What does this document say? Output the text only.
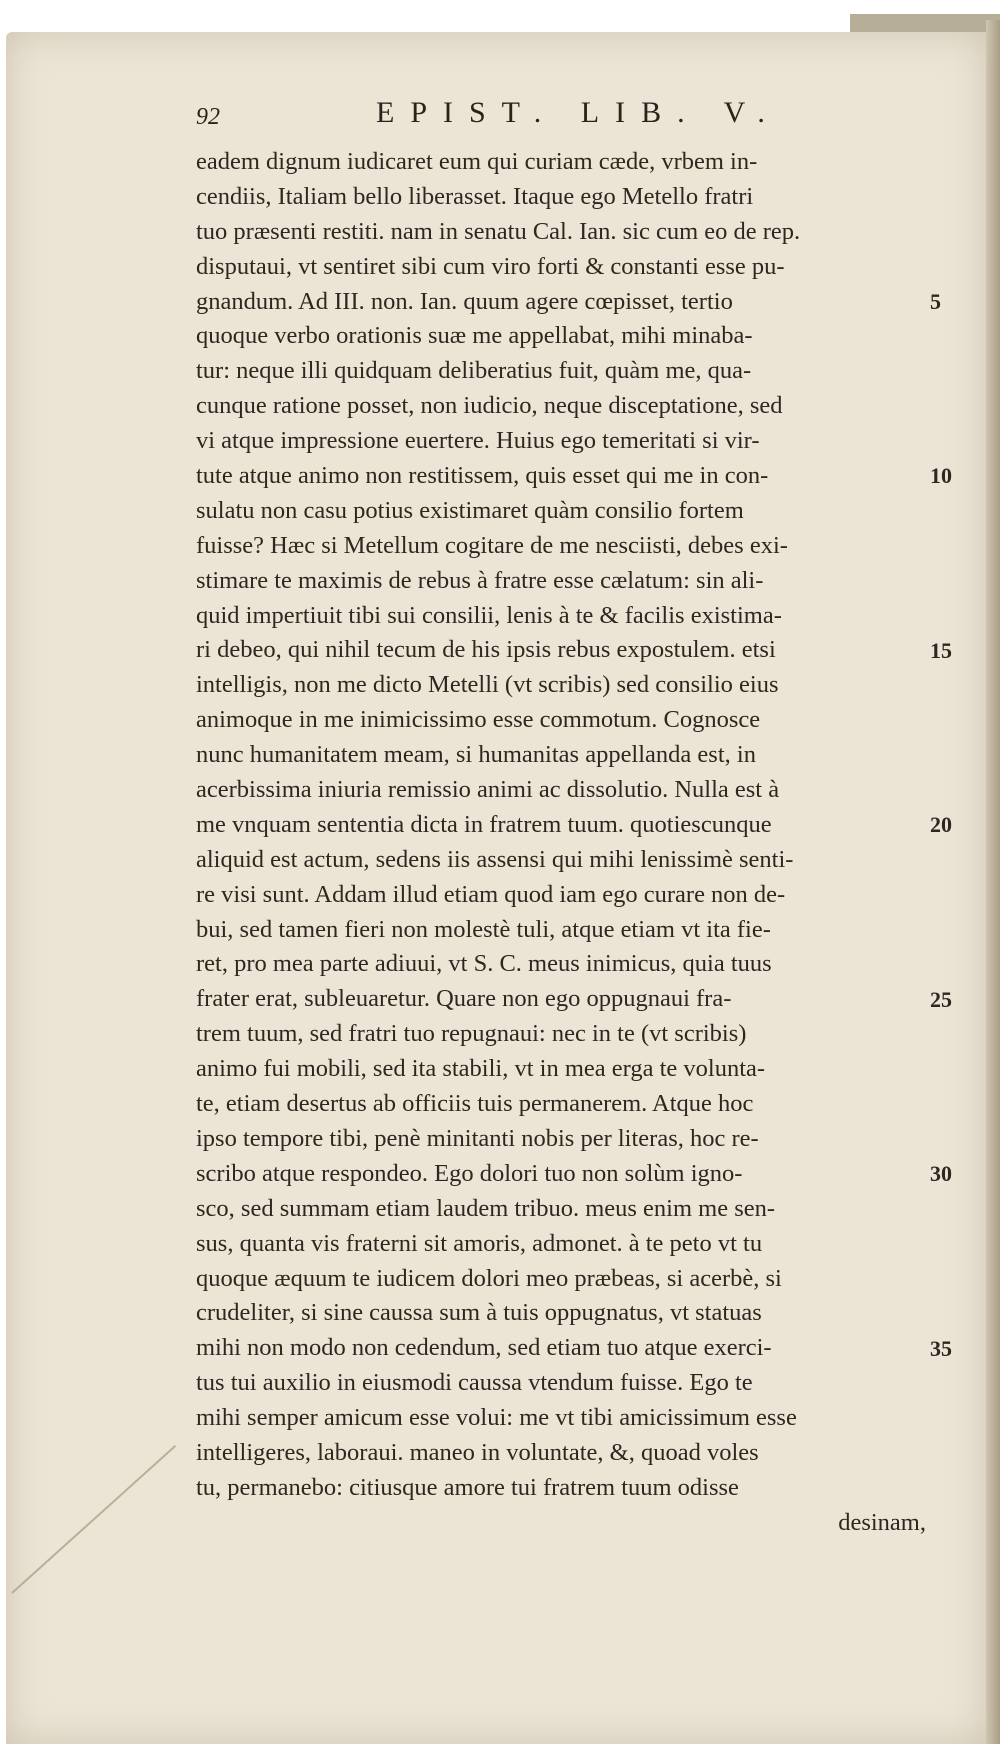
92	EPIST. LIB. V.
eadem dignum iudicaret eum qui curiam cæde, vrbem in-
cendiis, Italiam bello liberasset. Itaque ego Metello fratri
tuo præsenti restiti. nam in senatu Cal. Ian. sic cum eo de rep.
disputaui, vt sentiret sibi cum viro forti & constanti esse pu-
gnandum. Ad III. non. Ian. quum agere cœpisset, tertio
quoque verbo orationis suæ me appellabat, mihi minaba-
tur: neque illi quidquam deliberatius fuit, quàm me, qua-
cunque ratione posset, non iudicio, neque disceptatione, sed
vi atque impressione euertere. Huius ego temeritati si vir-
tute atque animo non restitissem, quis esset qui me in con-
sulatu non casu potius existimaret quàm consilio fortem
fuisse? Hæc si Metellum cogitare de me nesciisti, debes exi-
stimare te maximis de rebus à fratre esse cælatum: sin ali-
quid impertiuit tibi sui consilii, lenis à te & facilis existima-
ri debeo, qui nihil tecum de his ipsis rebus expostulem. etsi
intelligis, non me dicto Metelli (vt scribis) sed consilio eius
animoque in me inimicissimo esse commotum. Cognosce
nunc humanitatem meam, si humanitas appellanda est, in
acerbissima iniuria remissio animi ac dissolutio. Nulla est à
me vnquam sententia dicta in fratrem tuum. quotiescunque
aliquid est actum, sedens iis assensi qui mihi lenissimè senti-
re visi sunt. Addam illud etiam quod iam ego curare non de-
bui, sed tamen fieri non molestè tuli, atque etiam vt ita fie-
ret, pro mea parte adiuui, vt S. C. meus inimicus, quia tuus
frater erat, subleuaretur. Quare non ego oppugnaui fra-
trem tuum, sed fratri tuo repugnaui: nec in te (vt scribis)
animo fui mobili, sed ita stabili, vt in mea erga te volunta-
te, etiam desertus ab officiis tuis permanerem. Atque hoc
ipso tempore tibi, penè minitanti nobis per literas, hoc re-
scribo atque respondeo. Ego dolori tuo non solùm igno-
sco, sed summam etiam laudem tribuo. meus enim me sen-
sus, quanta vis fraterni sit amoris, admonet. à te peto vt tu
quoque æquum te iudicem dolori meo præbeas, si acerbè, si
crudeliter, si sine caussa sum à tuis oppugnatus, vt statuas
mihi non modo non cedendum, sed etiam tuo atque exerci-
tus tui auxilio in eiusmodi caussa vtendum fuisse. Ego te
mihi semper amicum esse volui: me vt tibi amicissimum esse
intelligeres, laboraui. maneo in voluntate, &, quoad voles
tu, permanebo: citiusque amore tui fratrem tuum odisse
desinam,
5
10
15
20
25
30
35
